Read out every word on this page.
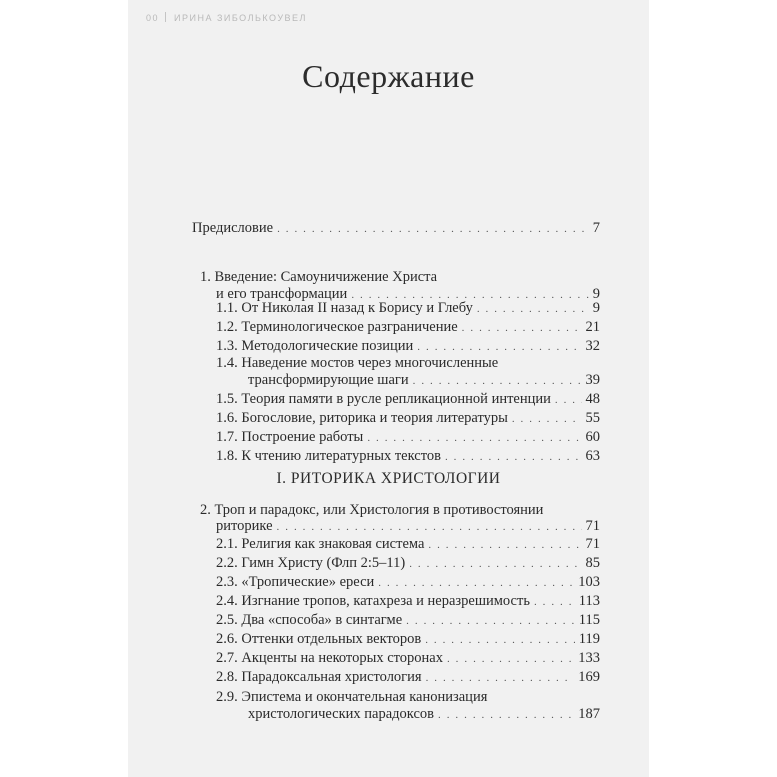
00 ИРИНА ЗИБОЛЬКОУВЕЛ
Содержание
Предисловие . . .	7
1. Введение: Самоуничижение Христа
и его трансформации . . .	9
1.1. От Николая II назад к Борису и Глебу . . .	9
1.2. Терминологическое разграничение . . .	21
1.3. Методологические позиции . . .	32
1.4. Наведение мостов через многочисленные
трансформирующие шаги . . .	39
1.5. Теория памяти в русле репликационной интенции . . . 48
1.6. Богословие, риторика и теория литературы . . .	55
1.7. Построение работы . . .	60
1.8. К чтению литературных текстов . . .	63
I. РИТОРИКА ХРИСТОЛОГИИ
2. Троп и парадокс, или Христология в противостоянии
риторике . . .	71
2.1. Религия как знаковая система . . .	71
2.2. Гимн Христу (Флп 2:5–11) . . .	85
2.3. «Тропические» ереси . . .	103
2.4. Изгнание тропов, катахреза и неразрешимость . . .	113
2.5. Два «способа» в синтагме . . .	115
2.6. Оттенки отдельных векторов . . .	119
2.7. Акценты на некоторых сторонах . . .	133
2.8. Парадоксальная христология . . .	169
2.9. Эпистема и окончательная канонизация
христологических парадоксов . . .	187
